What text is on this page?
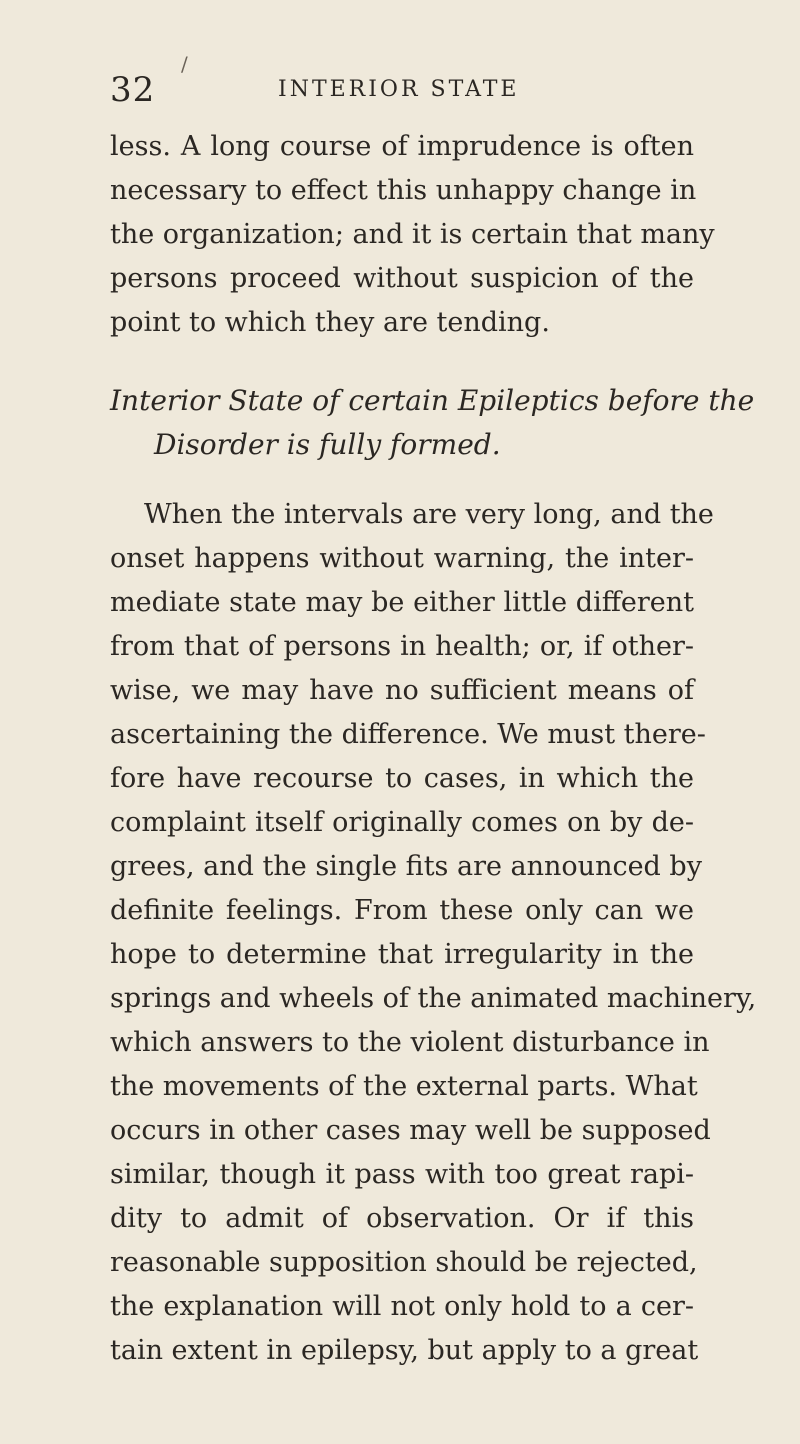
/
32	INTERIOR STATE
less. A long course of imprudence is often
necessary to effect this unhappy change in
the organization; and it is certain that many
persons proceed without suspicion of the
point to which they are tending.
Interior State of certain Epileptics before the
Disorder is fully formed.
When the intervals are very long, and the
onset happens without warning, the inter-
mediate state may be either little different
from that of persons in health; or, if other-
wise, we may have no sufficient means of
ascertaining the difference. We must there-
fore have recourse to cases, in which the
complaint itself originally comes on by de-
grees, and the single fits are announced by
definite feelings. From these only can we
hope to determine that irregularity in the
springs and wheels of the animated machinery,
which answers to the violent disturbance in
the movements of the external parts. What
occurs in other cases may well be supposed
similar, though it pass with too great rapi-
dity to admit of observation. Or if this
reasonable supposition should be rejected,
the explanation will not only hold to a cer-
tain extent in epilepsy, but apply to a great
